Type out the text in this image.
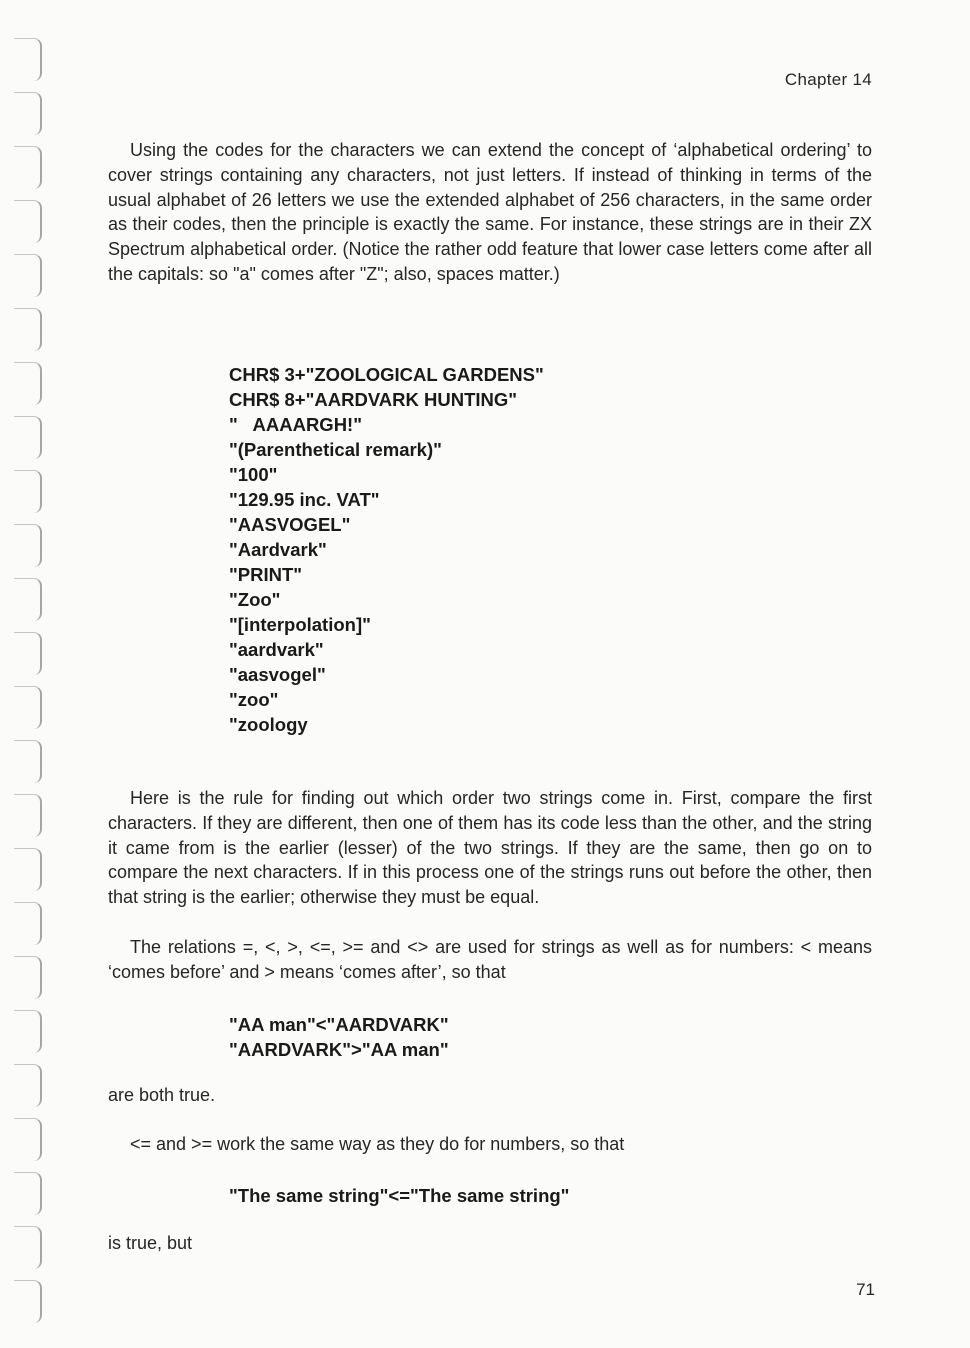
Chapter 14

Using the codes for the characters we can extend the concept of ‘alphabetical ordering’ to cover strings containing any characters, not just letters. If instead of thinking in terms of the usual alphabet of 26 letters we use the extended alphabet of 256 characters, in the same order as their codes, then the principle is exactly the same. For instance, these strings are in their ZX Spectrum alphabetical order. (Notice the rather odd feature that lower case letters come after all the capitals: so "a" comes after "Z"; also, spaces matter.)

CHR$ 3+"ZOOLOGICAL GARDENS"
CHR$ 8+"AARDVARK HUNTING"
"   AAAARGH!"
"(Parenthetical remark)"
"100"
"129.95 inc. VAT"
"AASVOGEL"
"Aardvark"
"PRINT"
"Zoo"
"[interpolation]"
"aardvark"
"aasvogel"
"zoo"
"zoology

Here is the rule for finding out which order two strings come in. First, compare the first characters. If they are different, then one of them has its code less than the other, and the string it came from is the earlier (lesser) of the two strings. If they are the same, then go on to compare the next characters. If in this process one of the strings runs out before the other, then that string is the earlier; otherwise they must be equal.

The relations =, <, >, <=, >= and <> are used for strings as well as for numbers: < means ‘comes before’ and > means ‘comes after’, so that

"AA man"<"AARDVARK"
"AARDVARK">"AA man"
are both true.
<= and >= work the same way as they do for numbers, so that
"The same string"<="The same string"
is true, but
71
